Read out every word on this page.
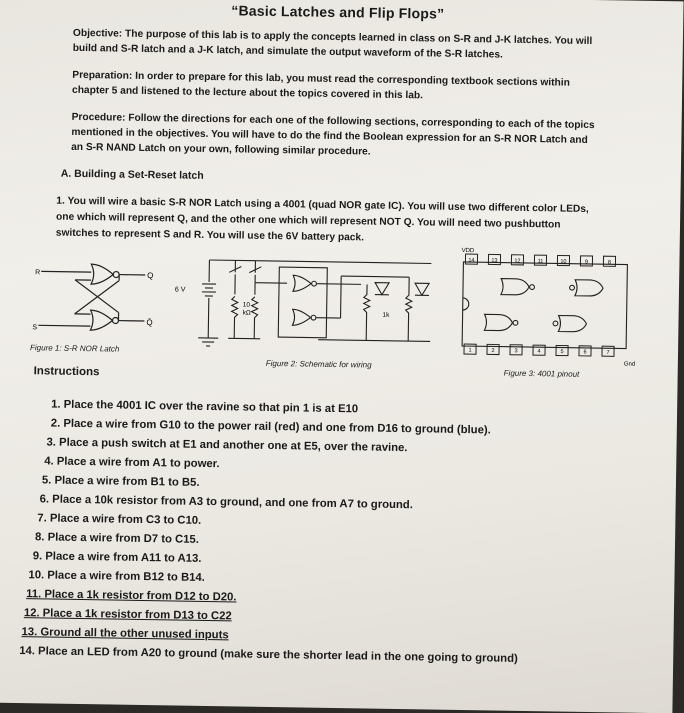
“Basic Latches and Flip Flops”
Objective: The purpose of this lab is to apply the concepts learned in class on S-R and J-K latches. You will build and S-R latch and a J-K latch, and simulate the output waveform of the S-R latches.
Preparation: In order to prepare for this lab, you must read the corresponding textbook sections within chapter 5 and listened to the lecture about the topics covered in this lab.
Procedure: Follow the directions for each one of the following sections, corresponding to each of the topics mentioned in the objectives. You will have to do the find the Boolean expression for an S-R NOR Latch and an S-R NAND Latch on your own, following similar procedure.
A. Building a Set-Reset latch
1. You will wire a basic S-R NOR Latch using a 4001 (quad NOR gate IC). You will use two different color LEDs, one which will represent Q, and the other one which will represent NOT Q. You will need two pushbutton switches to represent S and R. You will use the 6V battery pack.
R	Q
S
Q̄
Figure 1: S-R NOR Latch
6 V
10
kΩ	1k
Figure 2: Schematic for wiring
VDD
14	13	12	11	10	9	8
1	2	3	4	5	6	7
Gnd
Figure 3: 4001 pinout
Instructions
1. Place the 4001 IC over the ravine so that pin 1 is at E10
2. Place a wire from G10 to the power rail (red) and one from D16 to ground (blue).
3. Place a push switch at E1 and another one at E5, over the ravine.
4. Place a wire from A1 to power.
5. Place a wire from B1 to B5.
6. Place a 10k resistor from A3 to ground, and one from A7 to ground.
7. Place a wire from C3 to C10.
8. Place a wire from D7 to C15.
9. Place a wire from A11 to A13.
10. Place a wire from B12 to B14.
11. Place a 1k resistor from D12 to D20.
12. Place a 1k resistor from D13 to C22
13. Ground all the other unused inputs
14. Place an LED from A20 to ground (make sure the shorter lead in the one going to ground)
